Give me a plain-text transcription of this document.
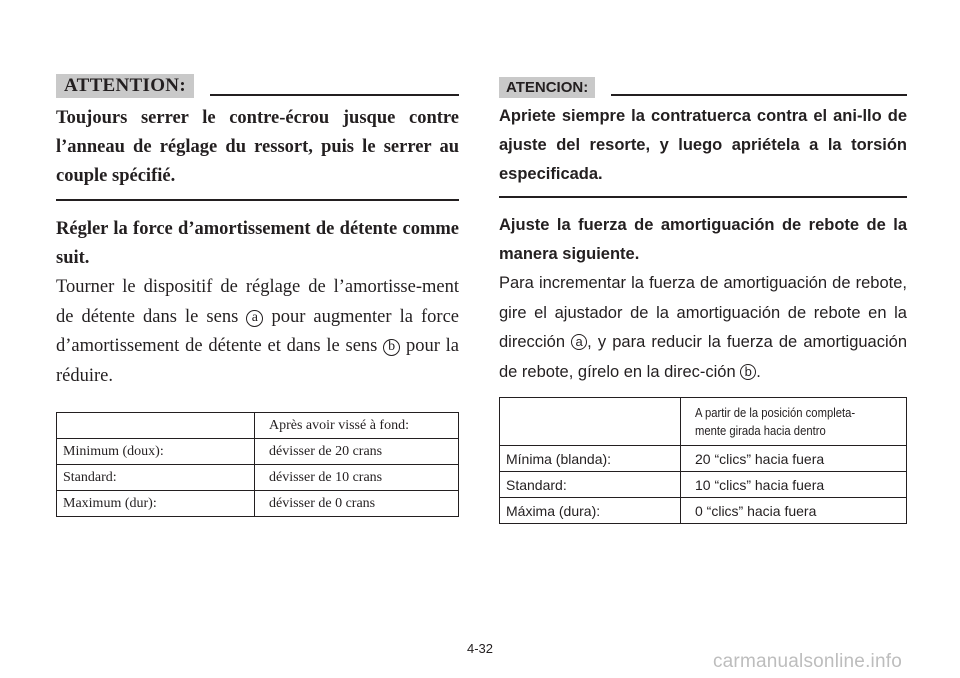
ATTENTION:
Toujours serrer le contre-écrou jusque contre l’anneau de réglage du ressort, puis le serrer au couple spécifié.
Régler la force d’amortissement de détente comme suit.
Tourner le dispositif de réglage de l’amortisse-ment de détente dans le sens a pour augmenter la force d’amortissement de détente et dans le sens b pour la réduire.
	Après avoir vissé à fond:
Minimum (doux):	dévisser de 20 crans
Standard:	dévisser de 10 crans
Maximum (dur):	dévisser de 0 crans
ATENCION:
Apriete siempre la contratuerca contra el ani-llo de ajuste del resorte, y luego apriétela a la torsión especificada.
Ajuste la fuerza de amortiguación de rebote de la manera siguiente.
Para incrementar la fuerza de amortiguación de rebote, gire el ajustador de la amortiguación de rebote en la dirección a , y para reducir la fuerza de amortiguación de rebote, gírelo en la direc-ción b .
	A partir de la posición completa-
mente girada hacia dentro
Mínima (blanda):	20 “clics” hacia fuera
Standard:	10 “clics” hacia fuera
Máxima (dura):	0 “clics” hacia fuera
4-32
carmanualsonline.info
